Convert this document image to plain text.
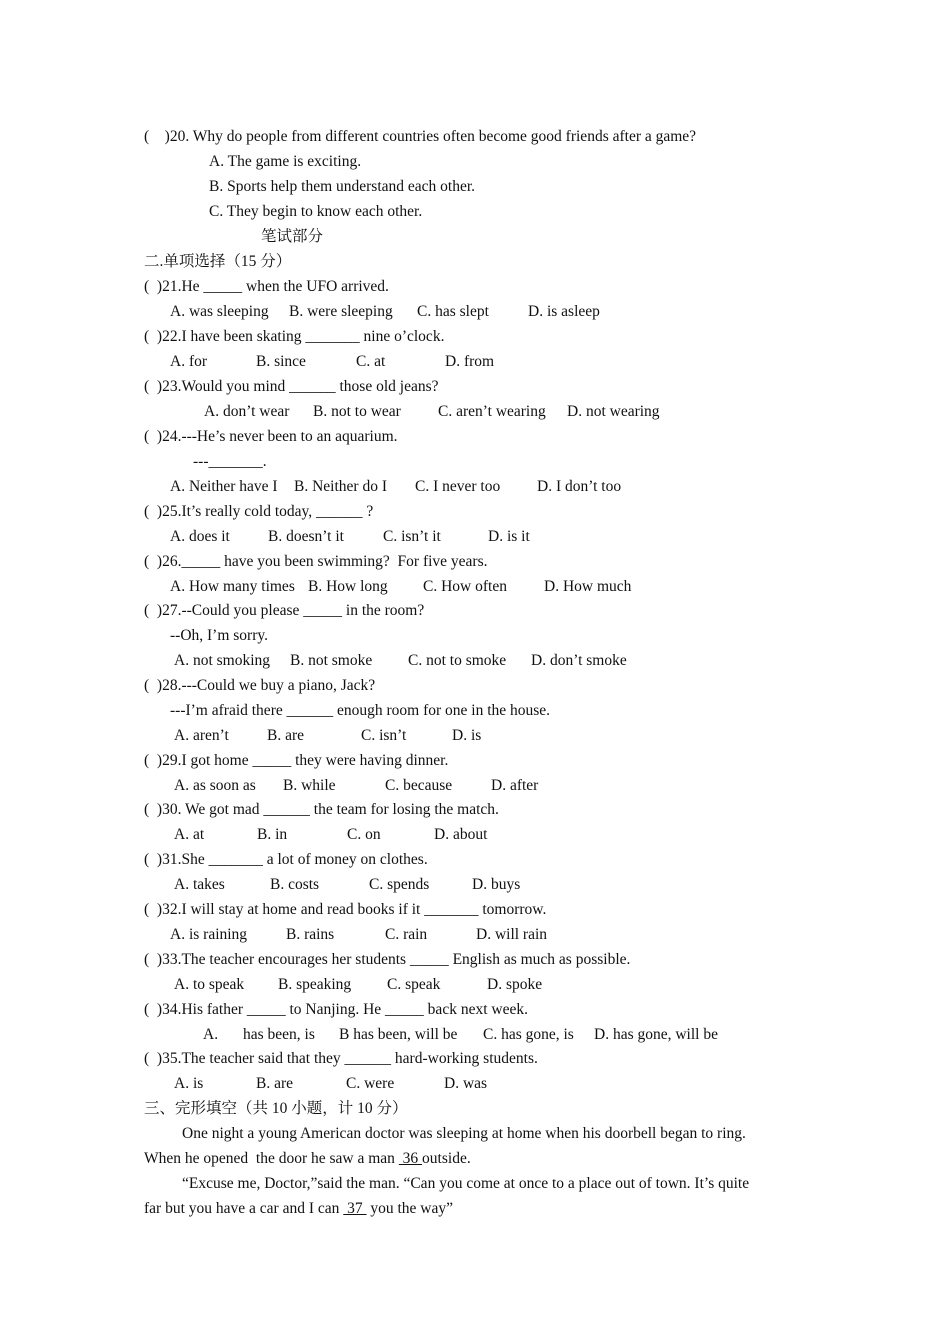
(    )20. Why do people from different countries often become good friends after a game?
A. The game is exciting.
B. Sports help them understand each other.
C. They begin to know each other.
笔试部分
二.单项选择（15 分）
(  )21.He _____ when the UFO arrived.
A. was sleeping B. were sleeping C. has slept	D. is asleep
(  )22.I have been skating _______ nine o’clock.
A. for	B. since	C. at	D. from
(  )23.Would you mind ______ those old jeans?
A. don’t wear B. not to wear C. aren’t wearing D. not wearing
(  )24.---He’s never been to an aquarium.
---_______.
A. Neither have I B. Neither do I C. I never too D. I don’t too
(  )25.It’s really cold today, ______ ?
A. does it B. doesn’t it	C. isn’t it	D. is it
(  )26._____ have you been swimming?  For five years.
A. How many times B. How long C. How often D. How much
(  )27.--Could you please _____ in the room?
--Oh, I’m sorry.
A. not smoking B. not smoke C. not to smoke D. don’t smoke
(  )28.---Could we buy a piano, Jack?
---I’m afraid there ______ enough room for one in the house.
A. aren’t B. are	C. isn’t	D. is
(  )29.I got home _____ they were having dinner.
A. as soon as B. while	C. because	D. after
(  )30. We got mad ______ the team for losing the match.
A. at	B. in	C. on	D. about
(  )31.She _______ a lot of money on clothes.
A. takes	B. costs	C. spends	D. buys
(  )32.I will stay at home and read books if it _______ tomorrow.
A. is raining	B. rains	C. rain	D. will rain
(  )33.The teacher encourages her students _____ English as much as possible.
A. to speak B. speaking C. speak	D. spoke
(  )34.His father _____ to Nanjing. He _____ back next week.
A. has been, is B has been, will be C. has gone, is D. has gone, will be
(  )35.The teacher said that they ______ hard-working students.
A. is	B. are	C. were	D. was
三、完形填空（共 10 小题，计 10 分）
One night a young American doctor was sleeping at home when his doorbell began to ring.
When he opened  the door he saw a man  36 outside.
“Excuse me, Doctor,”said the man. “Can you come at once to a place out of town. It’s quite
far but you have a car and I can  37  you the way”
